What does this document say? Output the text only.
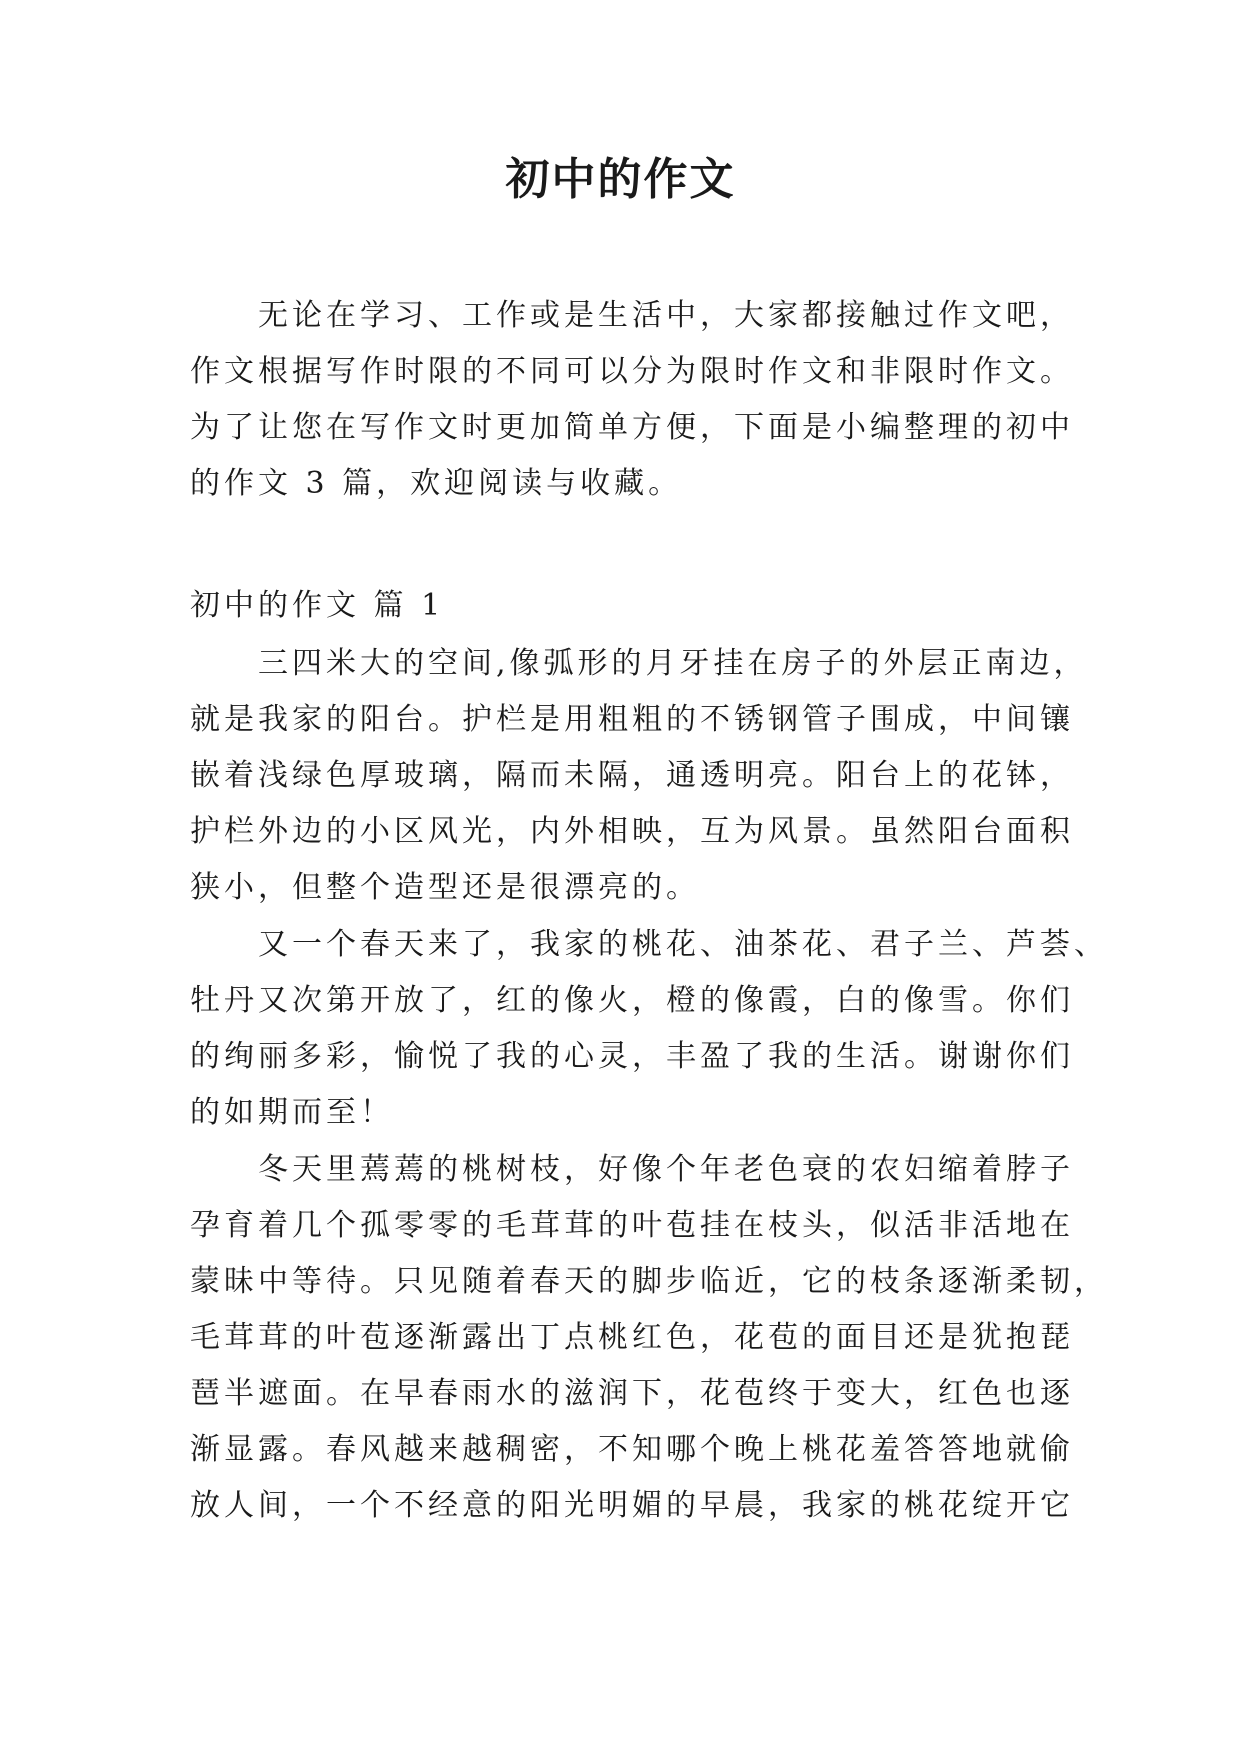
初中的作文
无论在学习、工作或是生活中，大家都接触过作文吧，
作文根据写作时限的不同可以分为限时作文和非限时作文。
为了让您在写作文时更加简单方便，下面是小编整理的初中
的作文 3 篇，欢迎阅读与收藏。
初中的作文 篇 1
三四米大的空间,像弧形的月牙挂在房子的外层正南边，
就是我家的阳台。护栏是用粗粗的不锈钢管子围成，中间镶
嵌着浅绿色厚玻璃，隔而未隔，通透明亮。阳台上的花钵，
护栏外边的小区风光，内外相映，互为风景。虽然阳台面积
狭小，但整个造型还是很漂亮的。
又一个春天来了，我家的桃花、油茶花、君子兰、芦荟、
牡丹又次第开放了，红的像火，橙的像霞，白的像雪。你们
的绚丽多彩，愉悦了我的心灵，丰盈了我的生活。谢谢你们
的如期而至！
冬天里蔫蔫的桃树枝，好像个年老色衰的农妇缩着脖子
孕育着几个孤零零的毛茸茸的叶苞挂在枝头，似活非活地在
蒙昧中等待。只见随着春天的脚步临近，它的枝条逐渐柔韧，
毛茸茸的叶苞逐渐露出丁点桃红色，花苞的面目还是犹抱琵
琶半遮面。在早春雨水的滋润下，花苞终于变大，红色也逐
渐显露。春风越来越稠密，不知哪个晚上桃花羞答答地就偷
放人间，一个不经意的阳光明媚的早晨，我家的桃花绽开它
